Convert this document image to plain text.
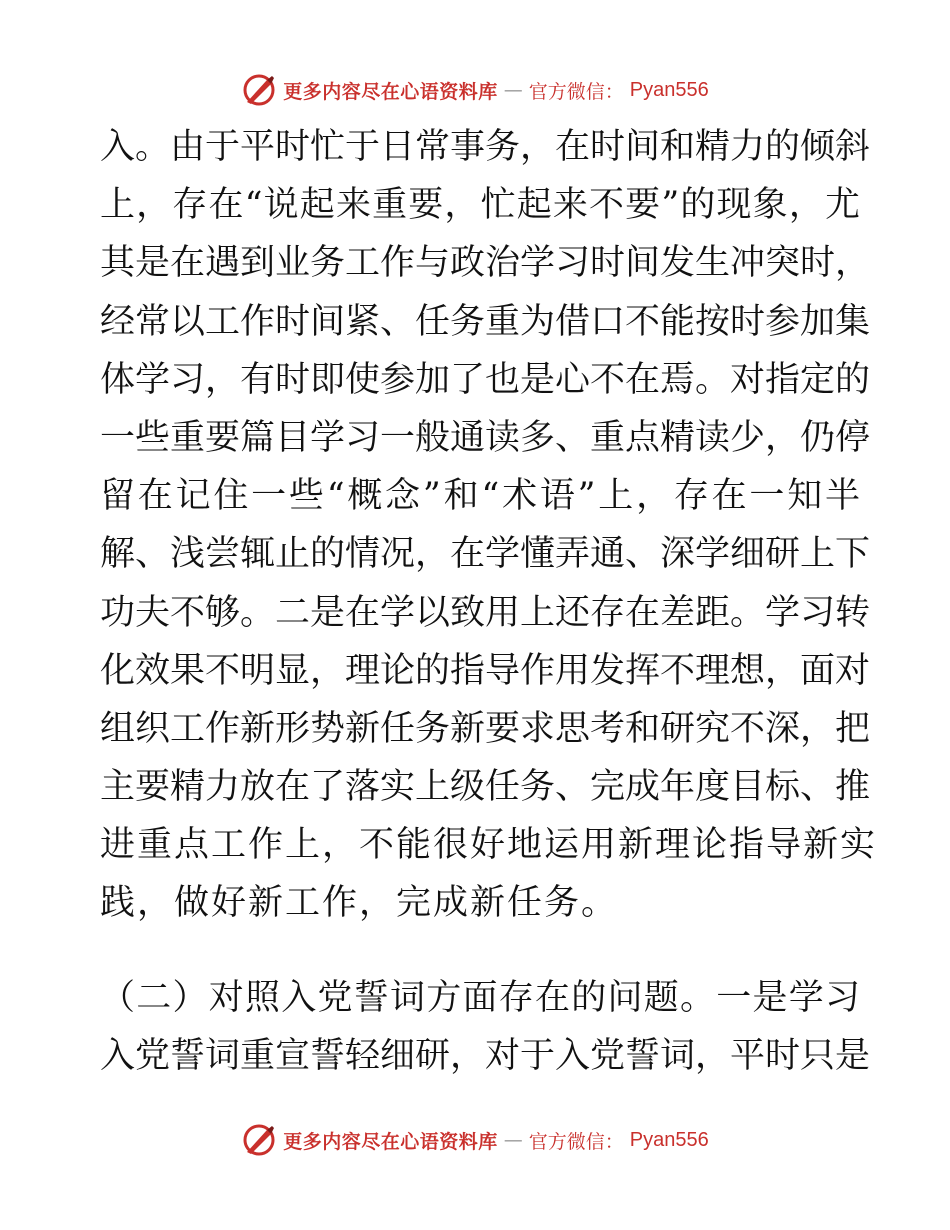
更多内容尽在心语资料库 — 官方微信： Pyan556
入。由于平时忙于日常事务，在时间和精力的倾斜
上，存在“说起来重要，忙起来不要”的现象，尤
其是在遇到业务工作与政治学习时间发生冲突时，
经常以工作时间紧、任务重为借口不能按时参加集
体学习，有时即使参加了也是心不在焉。对指定的
一些重要篇目学习一般通读多、重点精读少，仍停
留在记住一些“概念”和“术语”上，存在一知半
解、浅尝辄止的情况，在学懂弄通、深学细研上下
功夫不够。二是在学以致用上还存在差距。学习转
化效果不明显，理论的指导作用发挥不理想，面对
组织工作新形势新任务新要求思考和研究不深，把
主要精力放在了落实上级任务、完成年度目标、推
进重点工作上，不能很好地运用新理论指导新实
践，做好新工作，完成新任务。
（二）对照入党誓词方面存在的问题。一是学习
入党誓词重宣誓轻细研，对于入党誓词，平时只是
更多内容尽在心语资料库 — 官方微信： Pyan556
